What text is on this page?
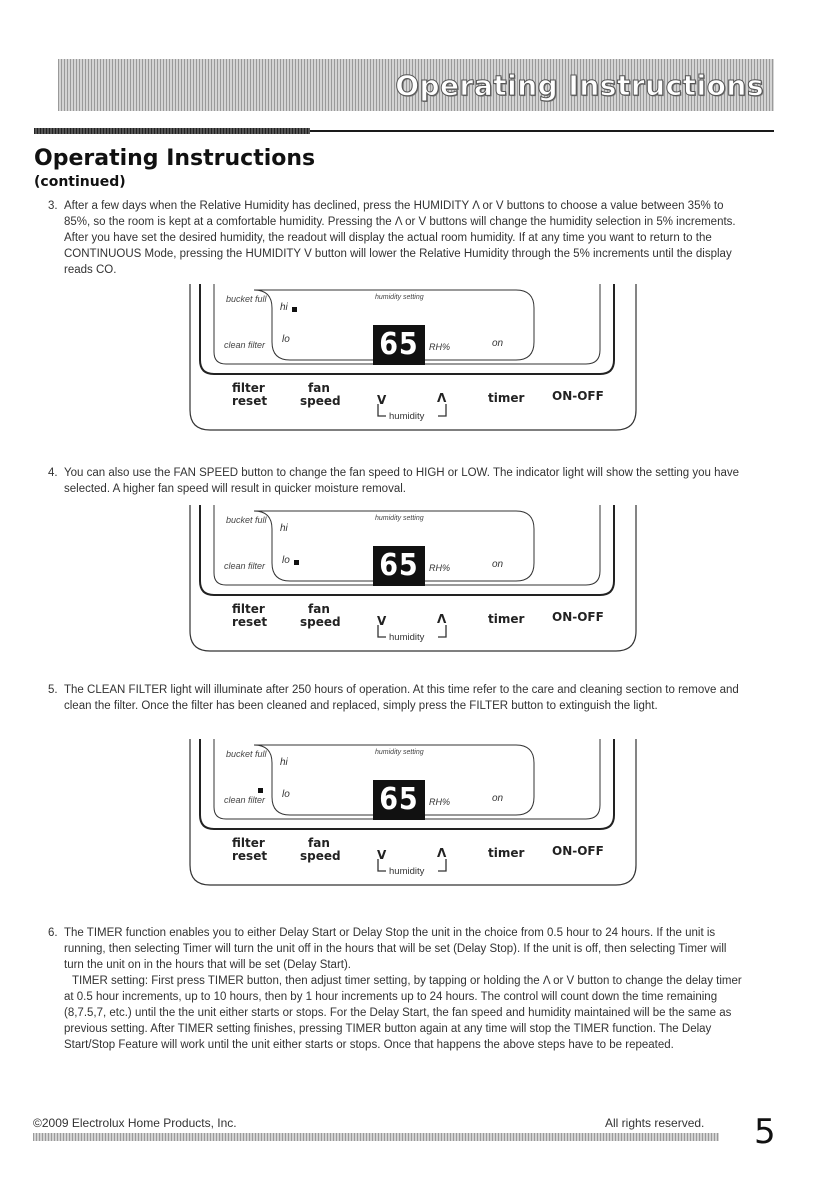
Operating Instructions
Operating Instructions
(continued)
3. After a few days when the Relative Humidity has declined, press the HUMIDITY Λ or V buttons to choose a value between 35% to 85%, so the room is kept at a comfortable humidity. Pressing the Λ or V buttons will change the humidity selection in 5% increments. After you have set the desired humidity, the readout will display the actual room humidity. If at any time you want to return to the CONTINUOUS Mode, pressing the HUMIDITY V button will lower the Relative Humidity through the 5% increments until the display reads CO.
bucket full
clean filter
hi
lo
humidity setting
65 RH%	on
filter
reset
fan
speed	V	Λ
humidity
timer ON-OFF
4. You can also use the FAN SPEED button to change the fan speed to HIGH or LOW. The indicator light will show the setting you have selected. A higher fan speed will result in quicker moisture removal.
bucket full
clean filter
hi
lo
humidity setting
65 RH%	on
filter
reset
fan
speed	V	Λ
humidity
timer ON-OFF
5. The CLEAN FILTER light will illuminate after 250 hours of operation. At this time refer to the care and cleaning section to remove and clean the filter. Once the filter has been cleaned and replaced, simply press the FILTER button to extinguish the light.
bucket full
clean filter
hi
lo
humidity setting
65 RH%	on
filter
reset
fan
speed	V	Λ
humidity
timer ON-OFF
6. The TIMER function enables you to either Delay Start or Delay Stop the unit in the choice from 0.5 hour to 24 hours. If the unit is running, then selecting Timer will turn the unit off in the hours that will be set (Delay Stop). If the unit is off, then selecting Timer will turn the unit on in the hours that will be set (Delay Start).
TIMER setting: First press TIMER button, then adjust timer setting, by tapping or holding the Λ or V button to change the delay timer at 0.5 hour increments, up to 10 hours, then by 1 hour increments up to 24 hours. The control will count down the time remaining (8,7.5,7, etc.) until the the unit either starts or stops. For the Delay Start, the fan speed and humidity maintained will be the same as previous setting. After TIMER setting finishes, pressing TIMER button again at any time will stop the TIMER function. The Delay Start/Stop Feature will work until the unit either starts or stops. Once that happens the above steps have to be repeated.
©2009 Electrolux Home Products, Inc.	All rights reserved. 5
